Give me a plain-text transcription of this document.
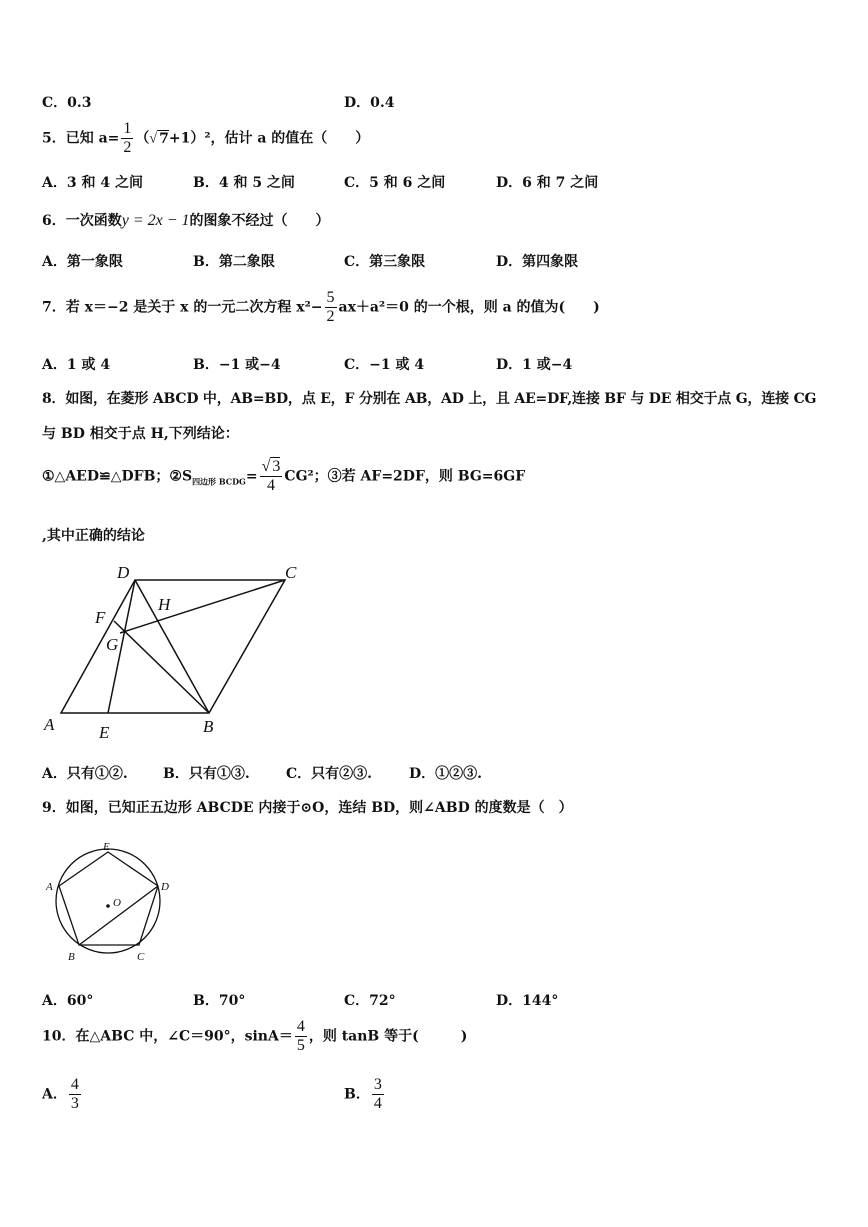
C．0.3	D．0.4
5．已知 $a= \frac{1}{2}$ （√ 7+1）²，估计 a 的值在（　　）
A．3 和 4 之间	B．4 和 5 之间	C．5 和 6 之间	D．6 和 7 之间
6．一次函数y = 2x − 1的图象不经过（　　）
A．第一象限	B．第二象限	C．第三象限	D．第四象限
7．若 x＝−2 是关于 x 的一元二次方程 $x^2- \frac{5}{2} ax+a^2=0$ 的一个根，则 a 的值为(　　)
A．1 或 4	B．−1 或−4	C．−1 或 4	D．1 或−4
8．如图，在菱形 ABCD 中，AB=BD，点 E，F 分别在 AB，AD 上，且 AE=DF,连接 BF 与 DE 相交于点 G，连接 CG
与 BD 相交于点 H,下列结论：
①△AED≌△DFB；$②S_{四边形 BCDG}= \frac{√ 3}{4} CG^2$；③若 AF=2DF，则 BG=6GF
,其中正确的结论
D	C
H
F
G
A	E	B
A．只有①②.	B．只有①③.	C．只有②③.	D．①②③.
9．如图，已知正五边形 ABCDE 内接于⊙O，连结 BD，则∠ABD 的度数是（　）
E
A	D
O
B	C
A．60°	B．70°	C．72°	D．144°
10．在△ABC 中，∠C＝90°，$\sin A= \frac{4}{5}$ ，则 tanB 等于(　　　)
A． $\frac{4}{3}$	B． $\frac{3}{4}$
